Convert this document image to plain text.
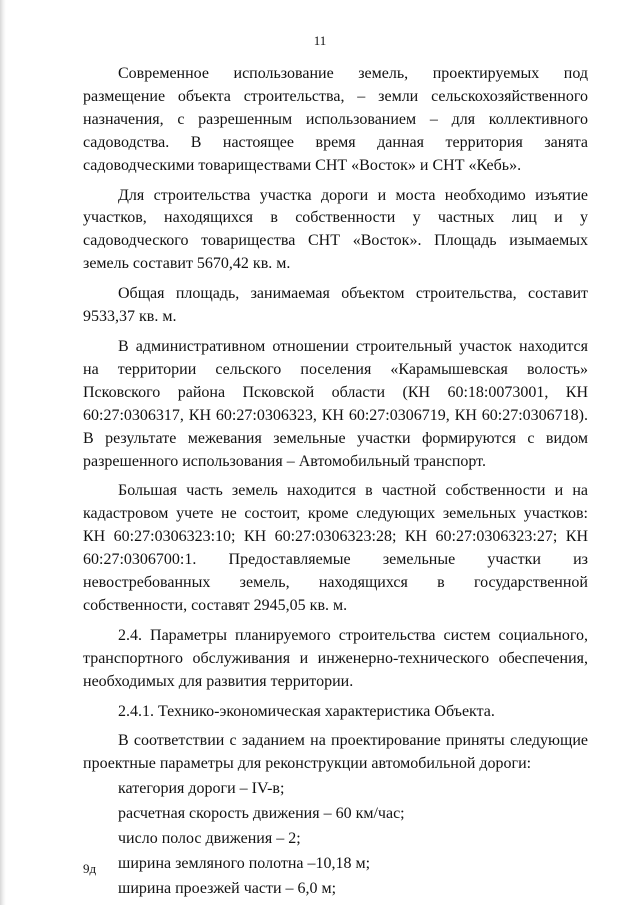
11

Современное использование земель, проектируемых под размещение объекта строительства, – земли сельскохозяйственного назначения, с разрешенным использованием – для коллективного садоводства. В настоящее время данная территория занята садоводческими товариществами СНТ «Восток» и СНТ «Кебь».

Для строительства участка дороги и моста необходимо изъятие участков, находящихся в собственности у частных лиц и у садоводческого товарищества СНТ «Восток». Площадь изымаемых земель составит 5670,42 кв. м.

Общая площадь, занимаемая объектом строительства, составит 9533,37 кв. м.

В административном отношении строительный участок находится на территории сельского поселения «Карамышевская волость» Псковского района Псковской области (КН 60:18:0073001, КН 60:27:0306317, КН 60:27:0306323, КН 60:27:0306719, КН 60:27:0306718). В результате межевания земельные участки формируются с видом разрешенного использования – Автомобильный транспорт.

Большая часть земель находится в частной собственности и на кадастровом учете не состоит, кроме следующих земельных участков: КН 60:27:0306323:10; КН 60:27:0306323:28; КН 60:27:0306323:27; КН 60:27:0306700:1. Предоставляемые земельные участки из невостребованных земель, находящихся в государственной собственности, составят 2945,05 кв. м.

2.4. Параметры планируемого строительства систем социального, транспортного обслуживания и инженерно-технического обеспечения, необходимых для развития территории.

2.4.1. Технико-экономическая характеристика Объекта.

В соответствии с заданием на проектирование приняты следующие проектные параметры для реконструкции автомобильной дороги:

категория дороги – IV-в;

расчетная скорость движения – 60 км/час;

число полос движения – 2;

ширина земляного полотна –10,18 м;

ширина проезжей части – 6,0 м;

9д
